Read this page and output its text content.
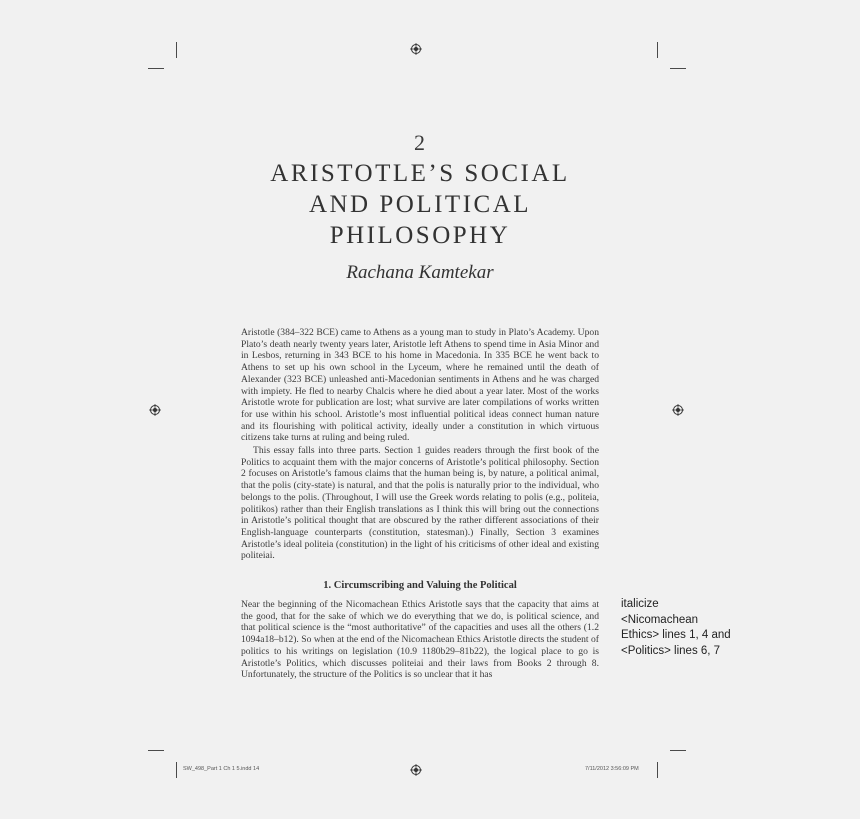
2
ARISTOTLE’S SOCIAL
AND POLITICAL
PHILOSOPHY
Rachana Kamtekar

Aristotle (384–322 BCE) came to Athens as a young man to study in Plato’s Academy. Upon Plato’s death nearly twenty years later, Aristotle left Athens to spend time in Asia Minor and in Lesbos, returning in 343 BCE to his home in Macedonia. In 335 BCE he went back to Athens to set up his own school in the Lyceum, where he remained until the death of Alexander (323 BCE) unleashed anti-Macedonian sentiments in Athens and he was charged with impiety. He fled to nearby Chalcis where he died about a year later. Most of the works Aristotle wrote for publication are lost; what survive are later compilations of works written for use within his school. Aristotle’s most influential political ideas connect human nature and its flourishing with political activity, ideally under a constitution in which virtuous citizens take turns at ruling and being ruled.

This essay falls into three parts. Section 1 guides readers through the first book of the Politics to acquaint them with the major concerns of Aristotle’s political philosophy. Section 2 focuses on Aristotle’s famous claims that the human being is, by nature, a political animal, that the polis (city-state) is natural, and that the polis is naturally prior to the individual, who belongs to the polis. (Throughout, I will use the Greek words relating to polis (e.g., politeia, politikos) rather than their English translations as I think this will bring out the connections in Aristotle’s political thought that are obscured by the rather different associations of their English-language counterparts (constitution, statesman).) Finally, Section 3 examines Aristotle’s ideal politeia (constitution) in the light of his criticisms of other ideal and existing politeiai.

1. Circumscribing and Valuing the Political

Near the beginning of the Nicomachean Ethics Aristotle says that the capacity that aims at the good, that for the sake of which we do everything that we do, is political science, and that political science is the “most authoritative” of the capacities and uses all the others (1.2 1094a18–b12). So when at the end of the Nicomachean Ethics Aristotle directs the student of politics to his writings on legislation (10.9 1180b29–81b22), the logical place to go is Aristotle’s Politics, which discusses politeiai and their laws from Books 2 through 8. Unfortunately, the structure of the Politics is so unclear that it has

italicize <Nicomachean Ethics> lines 1, 4 and <Politics> lines 6, 7
SW_498_Part 1 Ch 1 5.indd 14	7/11/2012 3:56:09 PM
